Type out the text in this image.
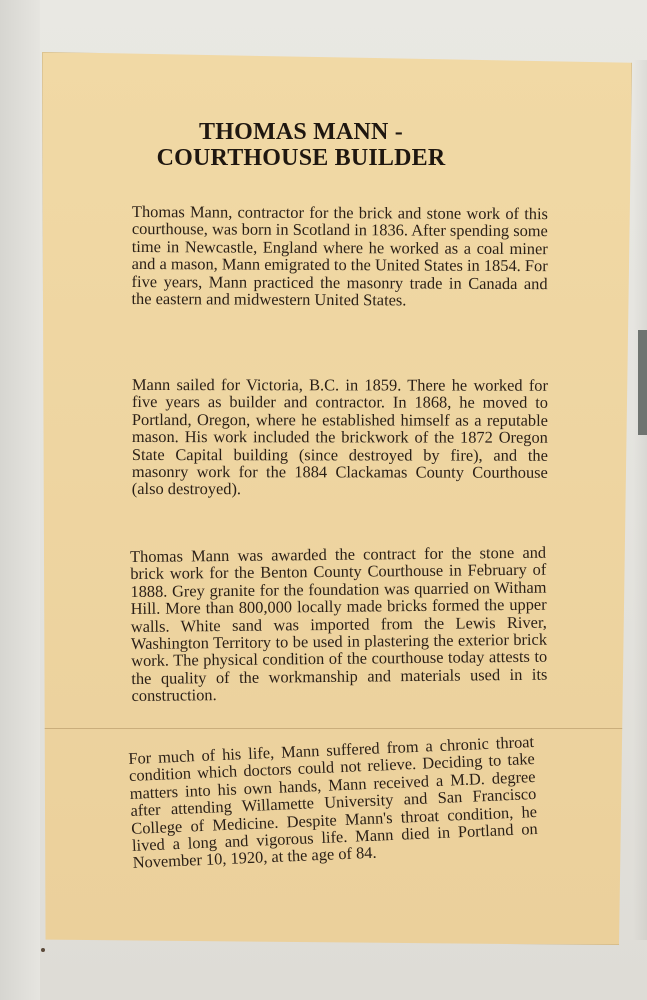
THOMAS MANN -
COURTHOUSE BUILDER

Thomas Mann, contractor for the brick and stone work of this courthouse, was born in Scotland in 1836. After spending some time in Newcastle, England where he worked as a coal miner and a mason, Mann emigrated to the United States in 1854. For five years, Mann practiced the masonry trade in Canada and the eastern and midwestern United States.

Mann sailed for Victoria, B.C. in 1859. There he worked for five years as builder and contractor. In 1868, he moved to Portland, Oregon, where he established himself as a reputable mason. His work included the brickwork of the 1872 Oregon State Capital building (since destroyed by fire), and the masonry work for the 1884 Clackamas County Courthouse (also destroyed).

Thomas Mann was awarded the contract for the stone and brick work for the Benton County Courthouse in February of 1888. Grey granite for the foundation was quarried on Witham Hill. More than 800,000 locally made bricks formed the upper walls. White sand was imported from the Lewis River, Washington Territory to be used in plastering the exterior brick work. The physical condition of the courthouse today attests to the quality of the workmanship and materials used in its construction.

For much of his life, Mann suffered from a chronic throat condition which doctors could not relieve. Deciding to take matters into his own hands, Mann received a M.D. degree after attending Willamette University and San Francisco College of Medicine. Despite Mann's throat condition, he lived a long and vigorous life. Mann died in Portland on November 10, 1920, at the age of 84.
